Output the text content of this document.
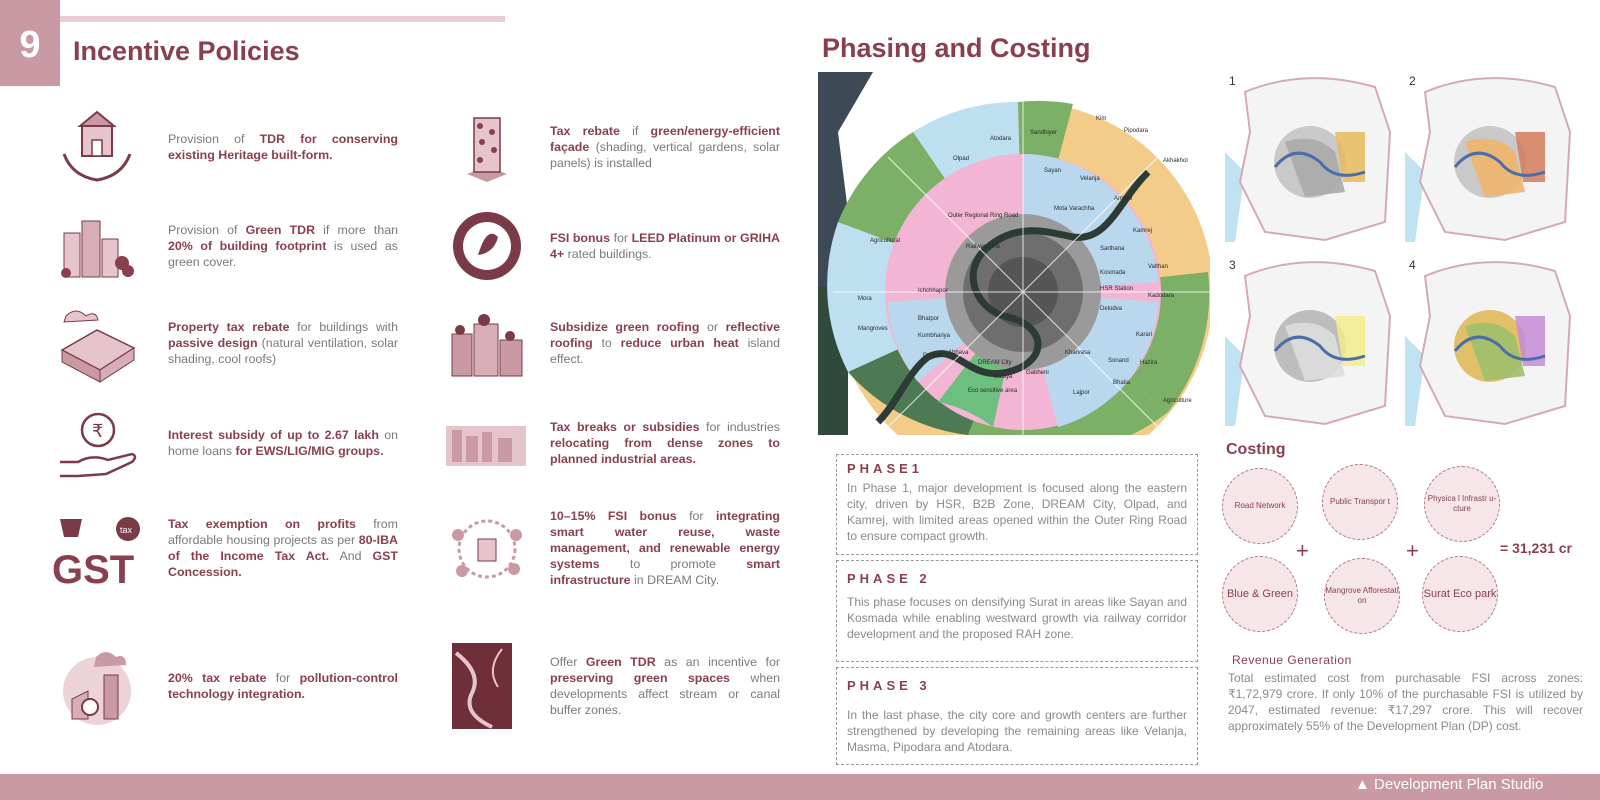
9	Incentive Policies	Phasing and Costing
Provision of TDR for conserving existing Heritage built-form.
Tax rebate if green/energy-efficient façade (shading, vertical gardens, solar panels) is installed
Provision of Green TDR if more than 20% of building footprint is used as green cover.
FSI bonus for LEED Platinum or GRIHA 4+ rated buildings.
Property tax rebate for buildings with passive design (natural ventilation, solar shading, cool roofs)
Subsidize green roofing or reflective roofing to reduce urban heat island effect.
₹	Interest subsidy of up to 2.67 lakh on home loans for EWS/LIG/MIG groups.
Tax breaks or subsidies for industries relocating from dense zones to planned industrial areas.
GST
tax	Tax exemption on profits from affordable housing projects as per 80-IBA of the Income Tax Act. And GST Concession.
10–15% FSI bonus for integrating smart water reuse, waste management, and renewable energy systems to promote smart infrastructure in DREAM City.
20% tax rebate for pollution-control technology integration.
Offer Green TDR as an incentive for preserving green spaces when developments affect stream or canal buffer zones.
Olpad
Atodara
Sandhiyer
Kim
Pipodara
Sayan
Velanja
Akhakhol
Amboli
Outer Regional Ring Road
Mota Varachha
Railway Line
Agricultural
Kamrej
Sarthana
Valthan
Kosmada
HSR Station
Kadodara
Ichchhapor
Delodva
Mora
Bhatpor
Kumbhariya	Karari
Mangroves
Hazira
Kharvasa
Sonand
Dumas Abhava
DREAM City
Budiya
Gabheni
Lajpor
Bhatia
Eco sensitive area
Agriculture
1	2
3	4
PHASE1
In Phase 1, major development is focused along the eastern city, driven by HSR, B2B Zone, DREAM City, Olpad, and Kamrej, with limited areas opened within the Outer Ring Road to ensure compact growth.
PHASE 2
This phase focuses on densifying Surat in areas like Sayan and Kosmada while enabling westward growth via railway corridor development and the proposed RAH zone.
PHASE 3
In the last phase, the city core and growth centers are further strengthened by developing the remaining areas like Velanja, Masma, Pipodara and Atodara.
Costing
Road Network	Public Transpor t	Physica l Infrastr u-cture
Blue & Green	Mangrove Afforestati on
Surat Eco park
+	+	= 31,231 cr
Revenue Generation
Total estimated cost from purchasable FSI across zones: ₹1,72,979 crore. If only 10% of the purchasable FSI is utilized by 2047, estimated revenue: ₹17,297 crore. This will recover approximately 55% of the Development Plan (DP) cost.
▲ Development Plan Studio
